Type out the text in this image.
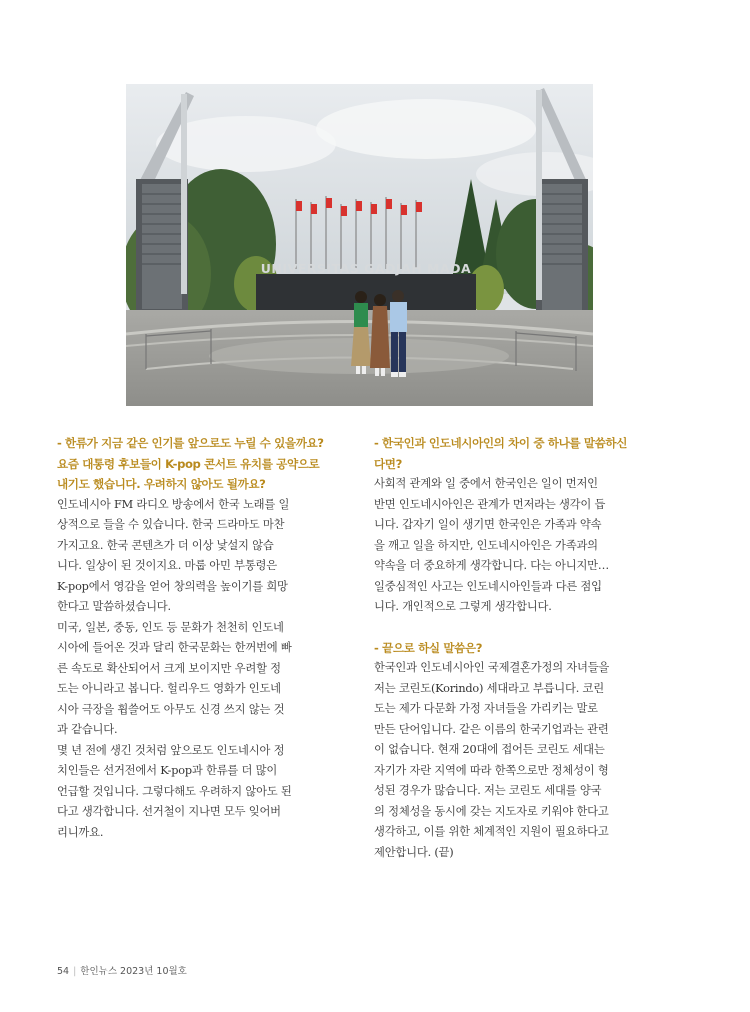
UNIVERSITAS GADJAH MADA
- 한류가 지금 같은 인기를 앞으로도 누릴 수 있을까요?
요즘 대통령 후보들이 K-pop 콘서트 유치를 공약으로
내기도 했습니다. 우려하지 않아도 될까요?
인도네시아 FM 라디오 방송에서 한국 노래를 일
상적으로 들을 수 있습니다. 한국 드라마도 마찬
가지고요. 한국 콘텐츠가 더 이상 낯설지 않습
니다. 일상이 된 것이지요. 마룹 아민 부통령은
K-pop에서 영감을 얻어 창의력을 높이기를 희망
한다고 말씀하셨습니다.
미국, 일본, 중동, 인도 등 문화가 천천히 인도네
시아에 들어온 것과 달리 한국문화는 한꺼번에 빠
른 속도로 확산되어서 크게 보이지만 우려할 정
도는 아니라고 봅니다. 헐리우드 영화가 인도네
시아 극장을 휩쓸어도 아무도 신경 쓰지 않는 것
과 같습니다.
몇 년 전에 생긴 것처럼 앞으로도 인도네시아 정
치인들은 선거전에서 K-pop과 한류를 더 많이
언급할 것입니다. 그렇다해도 우려하지 않아도 된
다고 생각합니다. 선거철이 지나면 모두 잊어버
리니까요.
- 한국인과 인도네시아인의 차이 중 하나를 말씀하신
다면?
사회적 관계와 일 중에서 한국인은 일이 먼저인
반면 인도네시아인은 관계가 먼저라는 생각이 듭
니다. 갑자기 일이 생기면 한국인은 가족과 약속
을 깨고 일을 하지만, 인도네시아인은 가족과의
약속을 더 중요하게 생각합니다. 다는 아니지만…
일중심적인 사고는 인도네시아인들과 다른 점입
니다. 개인적으로 그렇게 생각합니다.
- 끝으로 하실 말씀은?
한국인과 인도네시아인 국제결혼가정의 자녀들을
저는 코린도(Korindo) 세대라고 부릅니다. 코린
도는 제가 다문화 가정 자녀들을 가리키는 말로
만든 단어입니다. 같은 이름의 한국기업과는 관련
이 없습니다. 현재 20대에 접어든 코린도 세대는
자기가 자란 지역에 따라 한쪽으로만 정체성이 형
성된 경우가 많습니다. 저는 코린도 세대를 양국
의 정체성을 동시에 갖는 지도자로 키워야 한다고
생각하고, 이를 위한 체계적인 지원이 필요하다고
제안합니다. (끝)
54 | 한인뉴스 2023년 10월호
